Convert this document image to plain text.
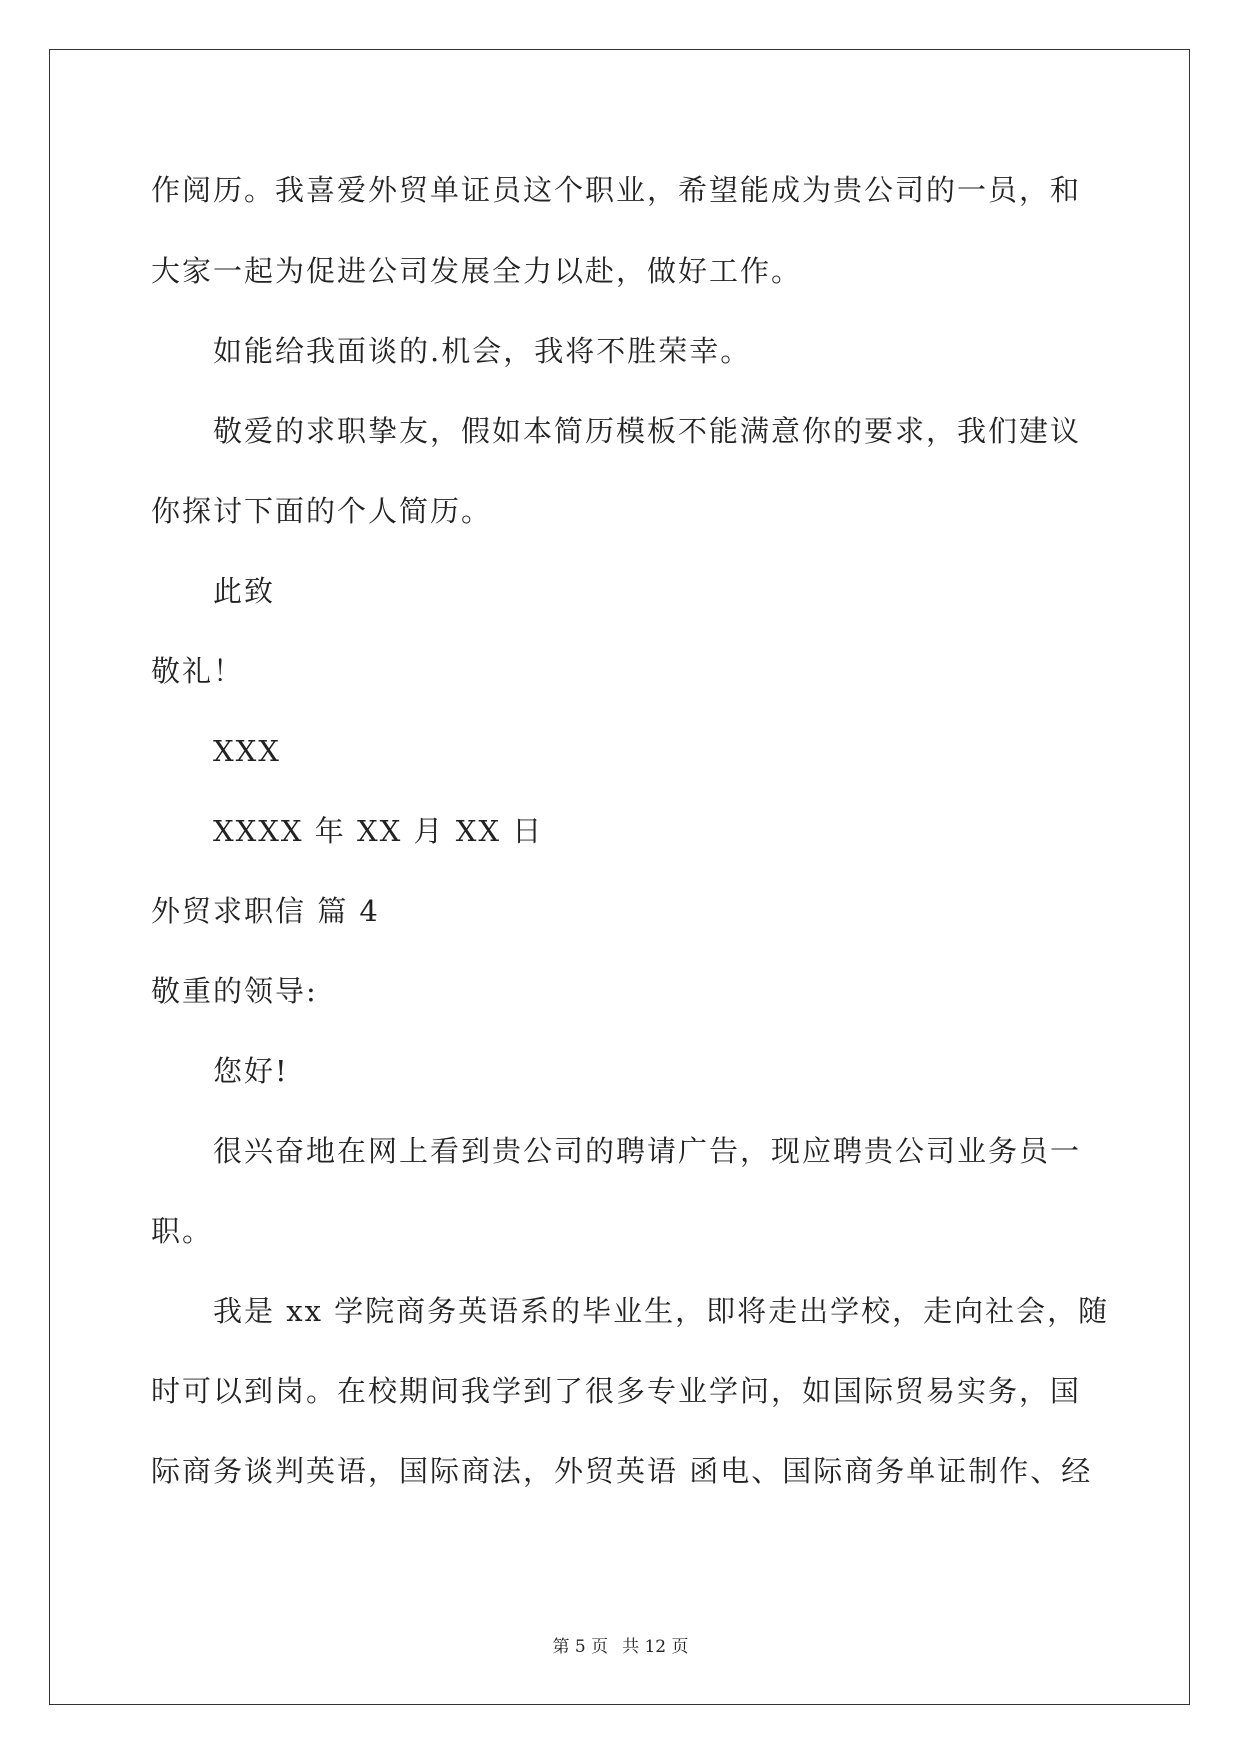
作阅历。我喜爱外贸单证员这个职业，希望能成为贵公司的一员，和
大家一起为促进公司发展全力以赴，做好工作。
如能给我面谈的.机会，我将不胜荣幸。
敬爱的求职挚友，假如本简历模板不能满意你的要求，我们建议
你探讨下面的个人简历。
此致
敬礼！
XXX
XXXX 年 XX 月 XX 日
外贸求职信 篇 4
敬重的领导:
您好!
很兴奋地在网上看到贵公司的聘请广告，现应聘贵公司业务员一
职。
我是 xx 学院商务英语系的毕业生，即将走出学校，走向社会，随
时可以到岗。在校期间我学到了很多专业学问，如国际贸易实务，国
际商务谈判英语，国际商法，外贸英语 函电、国际商务单证制作、经
第 5 页 共 12 页
